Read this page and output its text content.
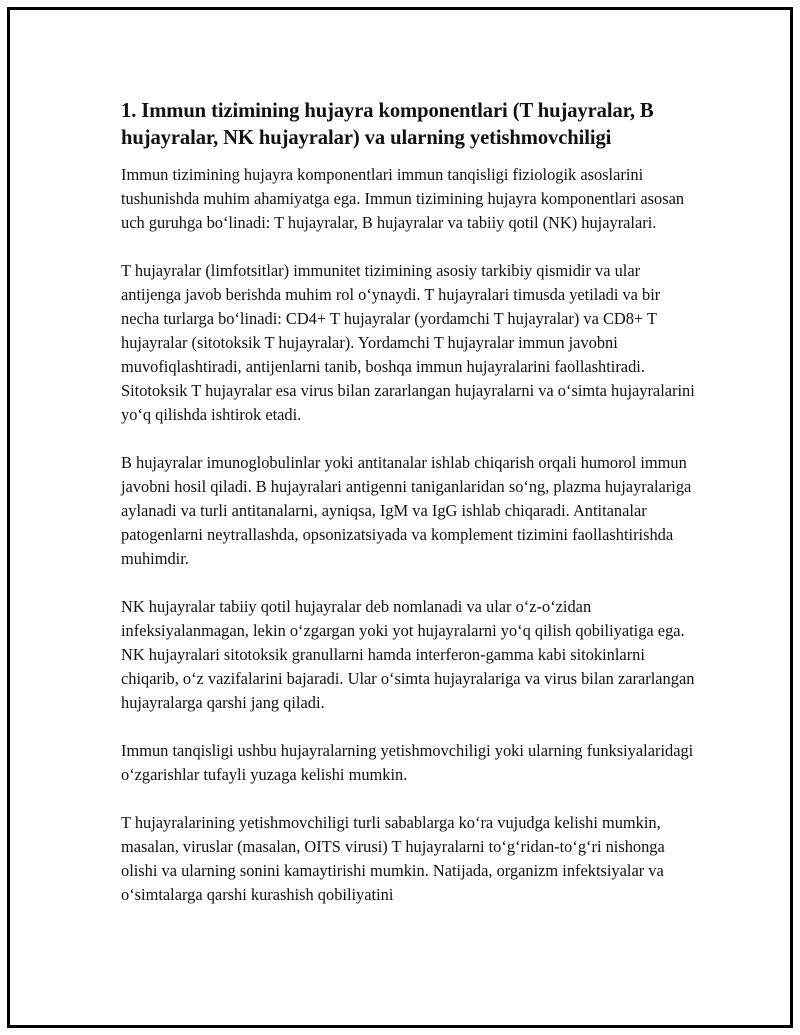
1. Immun tizimining hujayra komponentlari (T hujayralar, B hujayralar, NK hujayralar) va ularning yetishmovchiligi

Immun tizimining hujayra komponentlari immun tanqisligi fiziologik asoslarini tushunishda muhim ahamiyatga ega. Immun tizimining hujayra komponentlari asosan uch guruhga bo‘linadi: T hujayralar, B hujayralar va tabiiy qotil (NK) hujayralari.

T hujayralar (limfotsitlar) immunitet tizimining asosiy tarkibiy qismidir va ular antijenga javob berishda muhim rol o‘ynaydi. T hujayralari timusda yetiladi va bir necha turlarga bo‘linadi: CD4+ T hujayralar (yordamchi T hujayralar) va CD8+ T hujayralar (sitotoksik T hujayralar). Yordamchi T hujayralar immun javobni muvofiqlashtiradi, antijenlarni tanib, boshqa immun hujayralarini faollashtiradi. Sitotoksik T hujayralar esa virus bilan zararlangan hujayralarni va o‘simta hujayralarini yo‘q qilishda ishtirok etadi.

B hujayralar imunoglobulinlar yoki antitanalar ishlab chiqarish orqali humorol immun javobni hosil qiladi. B hujayralari antigenni taniganlaridan so‘ng, plazma hujayralariga aylanadi va turli antitanalarni, ayniqsa, IgM va IgG ishlab chiqaradi. Antitanalar patogenlarni neytrallashda, opsonizatsiyada va komplement tizimini faollashtirishda muhimdir.

NK hujayralar tabiiy qotil hujayralar deb nomlanadi va ular o‘z-o‘zidan infeksiyalanmagan, lekin o‘zgargan yoki yot hujayralarni yo‘q qilish qobiliyatiga ega. NK hujayralari sitotoksik granullarni hamda interferon-gamma kabi sitokinlarni chiqarib, o‘z vazifalarini bajaradi. Ular o‘simta hujayralariga va virus bilan zararlangan hujayralarga qarshi jang qiladi.

Immun tanqisligi ushbu hujayralarning yetishmovchiligi yoki ularning funksiyalaridagi o‘zgarishlar tufayli yuzaga kelishi mumkin.

T hujayralarining yetishmovchiligi turli sabablarga ko‘ra vujudga kelishi mumkin, masalan, viruslar (masalan, OITS virusi) T hujayralarni to‘g‘ridan-to‘g‘ri nishonga olishi va ularning sonini kamaytirishi mumkin. Natijada, organizm infektsiyalar va o‘simtalarga qarshi kurashish qobiliyatini
